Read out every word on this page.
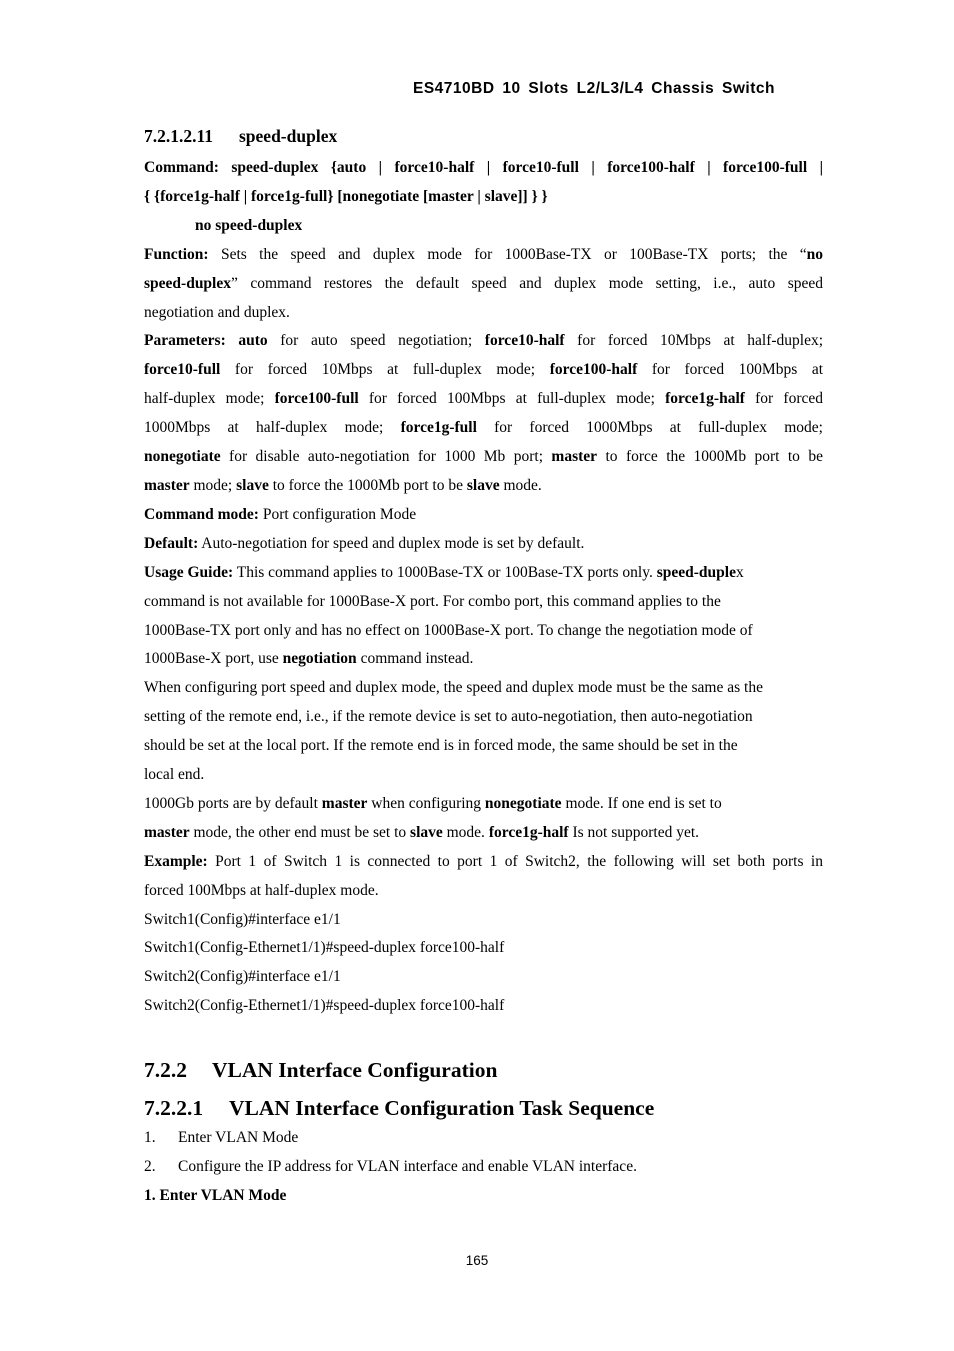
ES4710BD 10 Slots L2/L3/L4 Chassis Switch
7.2.1.2.11 speed-duplex
Command: speed-duplex {auto | force10-half | force10-full | force100-half | force100-full |
{ {force1g-half | force1g-full} [nonegotiate [master | slave]] } }
no speed-duplex
Function: Sets the speed and duplex mode for 1000Base-TX or 100Base-TX ports; the “no
speed-duplex” command restores the default speed and duplex mode setting, i.e., auto speed
negotiation and duplex.
Parameters: auto for auto speed negotiation; force10-half for forced 10Mbps at half-duplex;
force10-full for forced 10Mbps at full-duplex mode; force100-half for forced 100Mbps at
half-duplex mode; force100-full for forced 100Mbps at full-duplex mode; force1g-half for forced
1000Mbps at half-duplex mode; force1g-full for forced 1000Mbps at full-duplex mode;
nonegotiate for disable auto-negotiation for 1000 Mb port; master to force the 1000Mb port to be
master mode; slave to force the 1000Mb port to be slave mode.
Command mode: Port configuration Mode
Default: Auto-negotiation for speed and duplex mode is set by default.
Usage Guide: This command applies to 1000Base-TX or 100Base-TX ports only. speed-duplex
command is not available for 1000Base-X port. For combo port, this command applies to the
1000Base-TX port only and has no effect on 1000Base-X port. To change the negotiation mode of
1000Base-X port, use negotiation command instead.
When configuring port speed and duplex mode, the speed and duplex mode must be the same as the
setting of the remote end, i.e., if the remote device is set to auto-negotiation, then auto-negotiation
should be set at the local port. If the remote end is in forced mode, the same should be set in the
local end.
1000Gb ports are by default master when configuring nonegotiate mode. If one end is set to
master mode, the other end must be set to slave mode. force1g-half Is not supported yet.
Example: Port 1 of Switch 1 is connected to port 1 of Switch2, the following will set both ports in
forced 100Mbps at half-duplex mode.
Switch1(Config)#interface e1/1
Switch1(Config-Ethernet1/1)#speed-duplex force100-half
Switch2(Config)#interface e1/1
Switch2(Config-Ethernet1/1)#speed-duplex force100-half
7.2.2 VLAN Interface Configuration
7.2.2.1 VLAN Interface Configuration Task Sequence
1. Enter VLAN Mode
2. Configure the IP address for VLAN interface and enable VLAN interface.
1. Enter VLAN Mode
165
